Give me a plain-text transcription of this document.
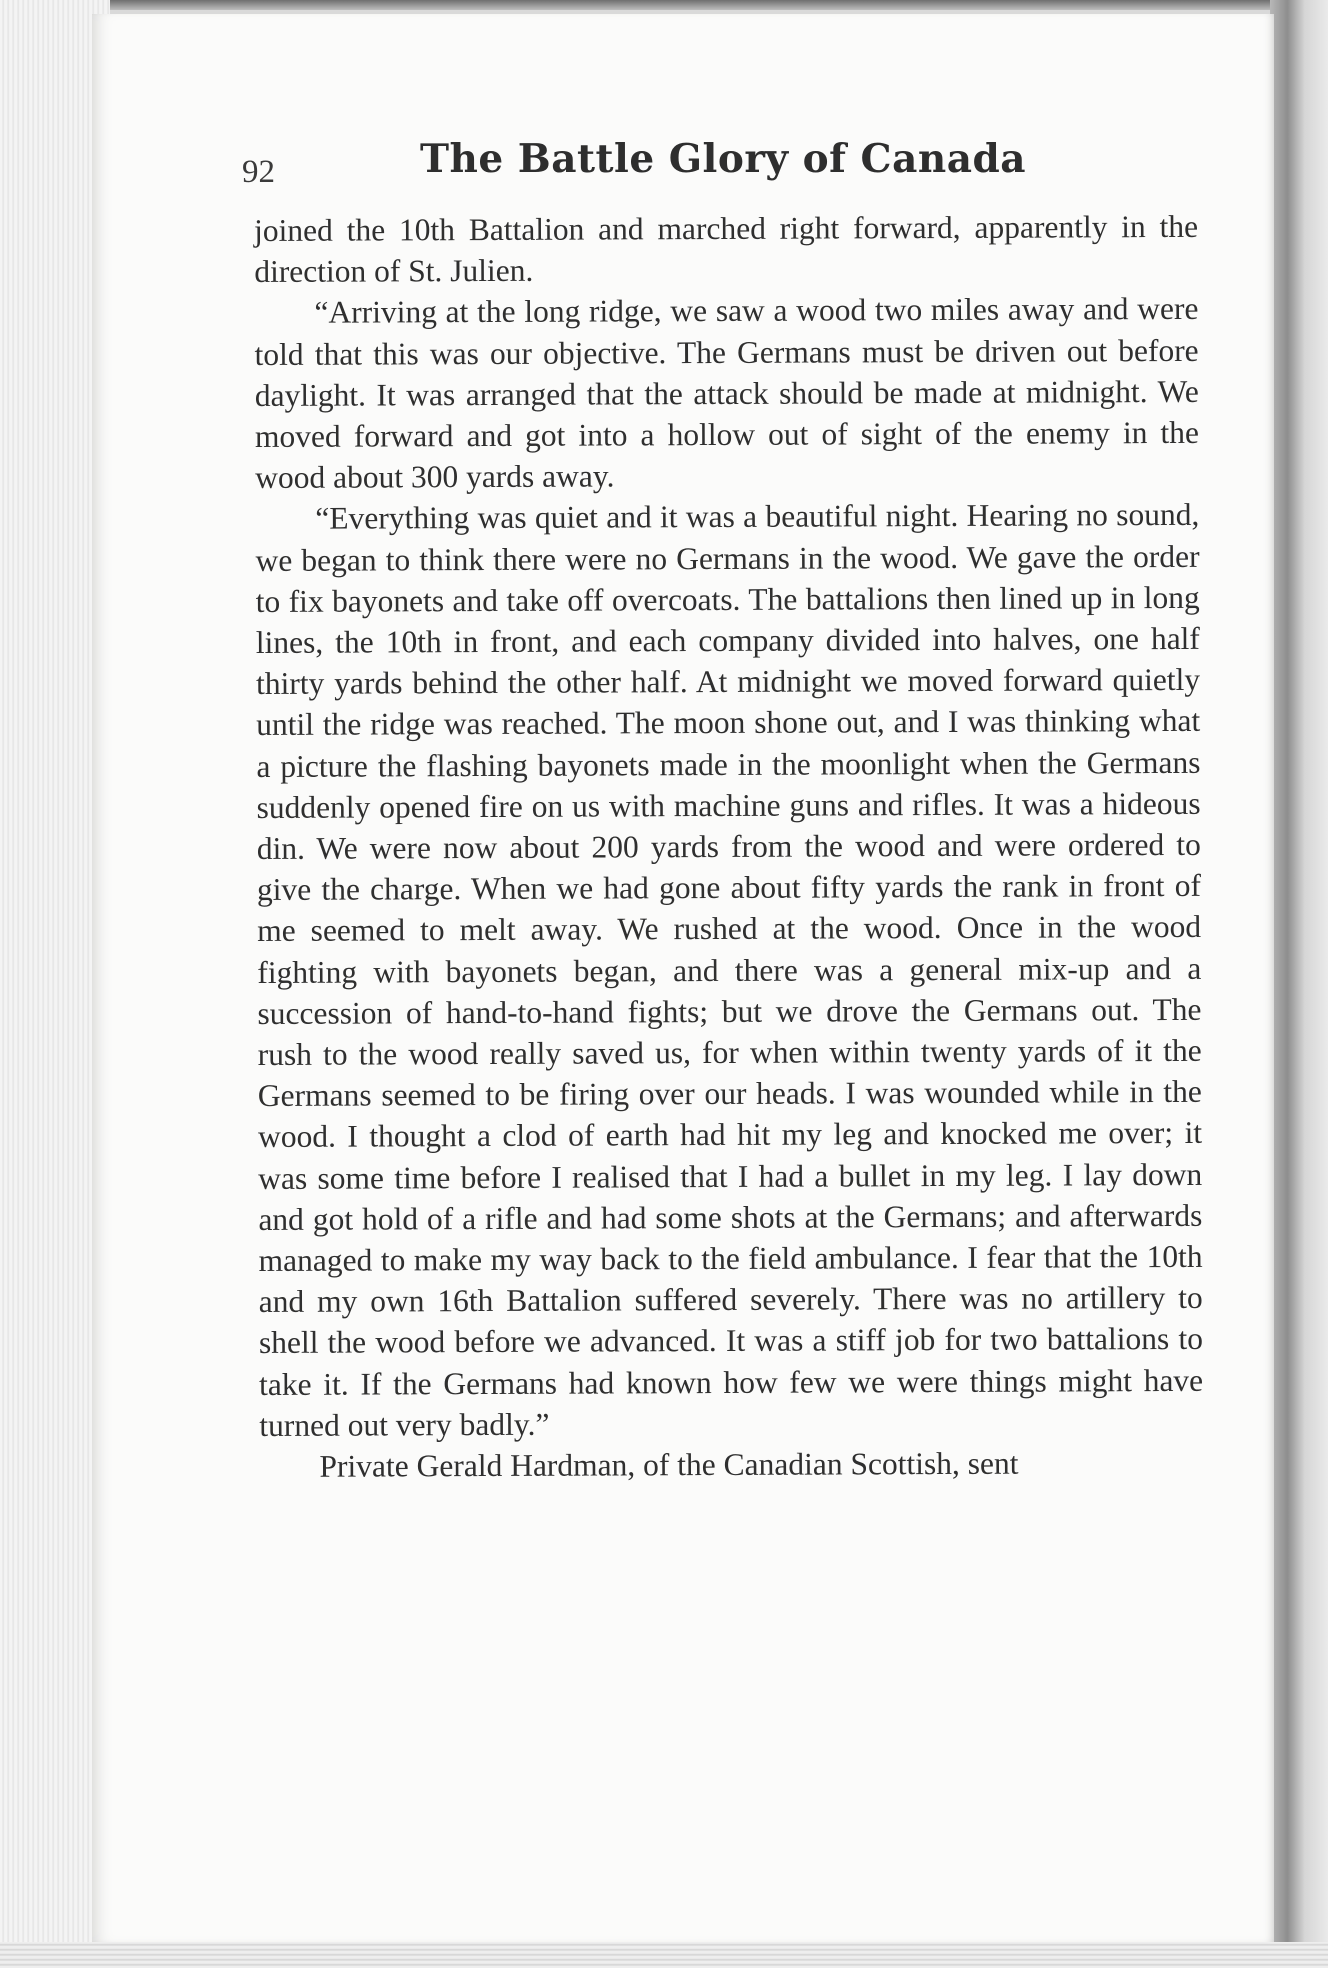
92	The Battle Glory of Canada

joined the 10th Battalion and marched right forward, apparently in the direction of St. Julien.

“Arriving at the long ridge, we saw a wood two miles away and were told that this was our objective. The Germans must be driven out before daylight. It was arranged that the attack should be made at midnight. We moved forward and got into a hollow out of sight of the enemy in the wood about 300 yards away.

“Everything was quiet and it was a beautiful night. Hearing no sound, we began to think there were no Germans in the wood. We gave the order to fix bayonets and take off overcoats. The battalions then lined up in long lines, the 10th in front, and each company divided into halves, one half thirty yards behind the other half. At midnight we moved forward quietly until the ridge was reached. The moon shone out, and I was thinking what a picture the flashing bayonets made in the moonlight when the Germans suddenly opened fire on us with machine guns and rifles. It was a hideous din. We were now about 200 yards from the wood and were ordered to give the charge. When we had gone about fifty yards the rank in front of me seemed to melt away. We rushed at the wood. Once in the wood fighting with bayonets began, and there was a general mix-up and a succession of hand-to-hand fights; but we drove the Germans out. The rush to the wood really saved us, for when within twenty yards of it the Germans seemed to be firing over our heads. I was wounded while in the wood. I thought a clod of earth had hit my leg and knocked me over; it was some time before I realised that I had a bullet in my leg. I lay down and got hold of a rifle and had some shots at the Germans; and afterwards managed to make my way back to the field ambulance. I fear that the 10th and my own 16th Battalion suffered severely. There was no artillery to shell the wood before we advanced. It was a stiff job for two battalions to take it. If the Germans had known how few we were things might have turned out very badly.”

Private Gerald Hardman, of the Canadian Scottish, sent
